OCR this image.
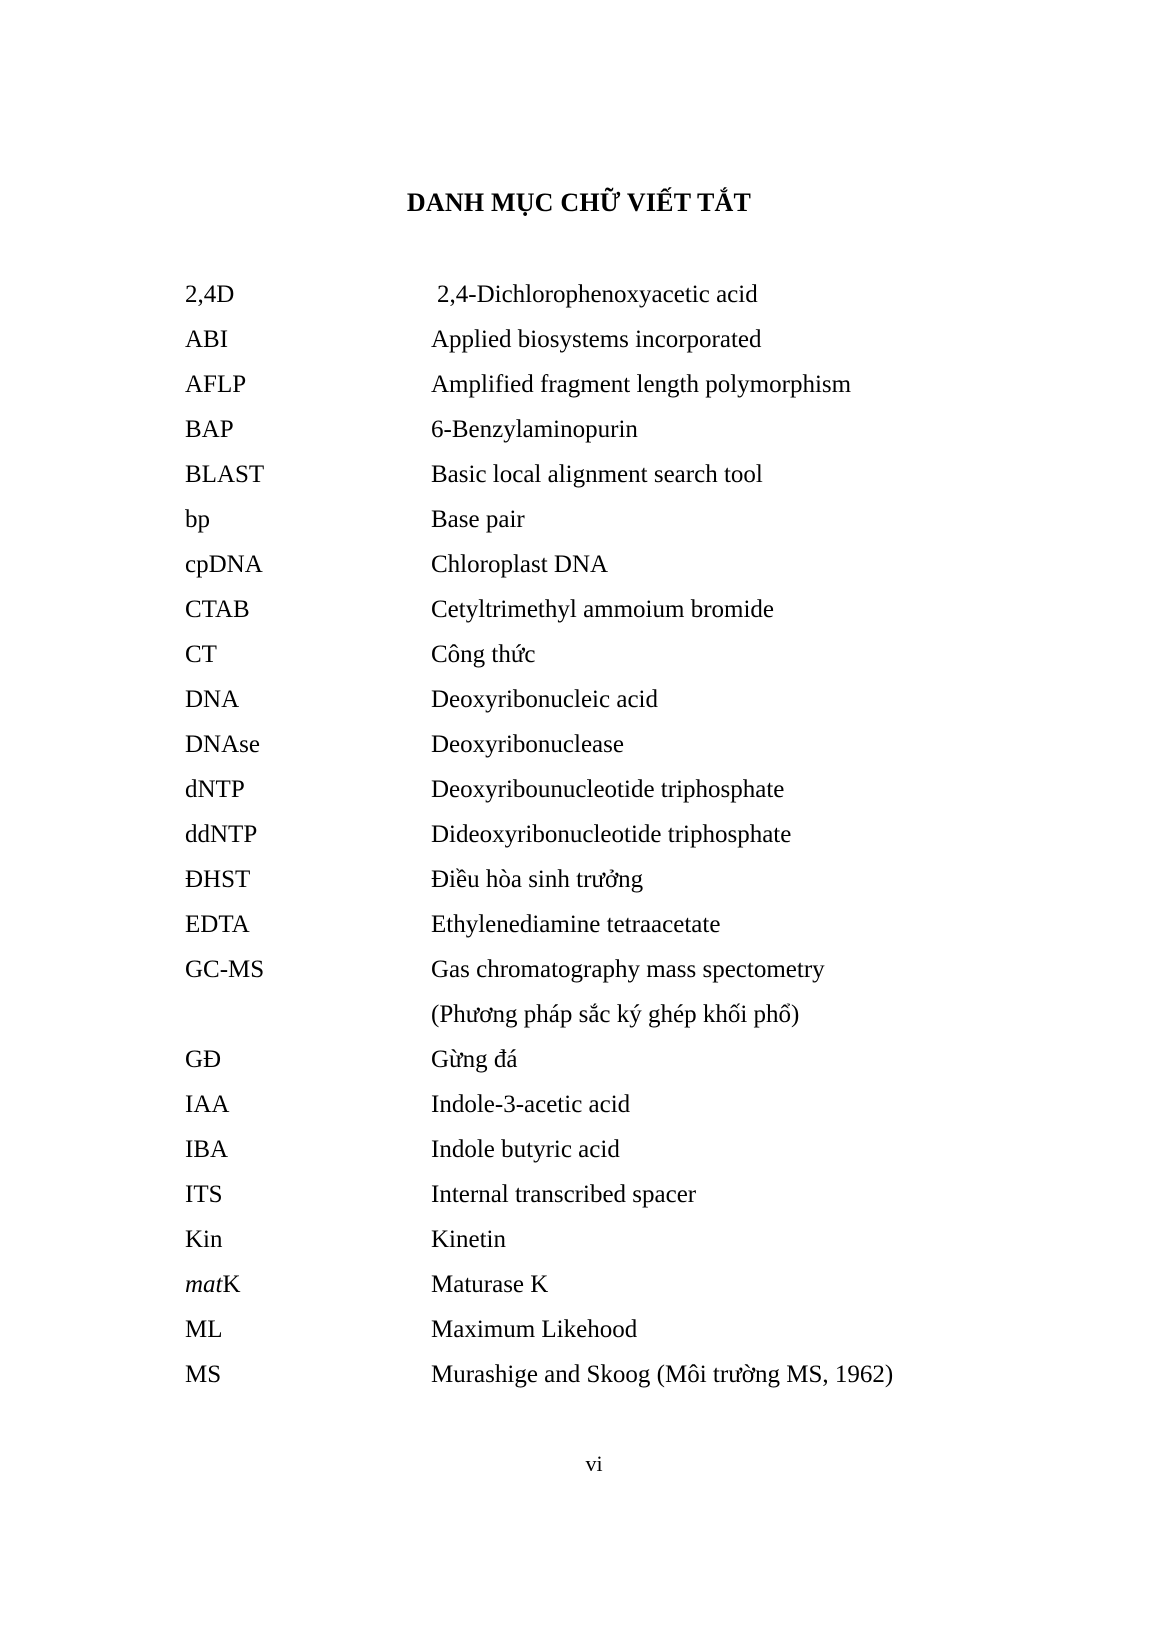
DANH MỤC CHỮ VIẾT TẮT
2,4D	2,4-Dichlorophenoxyacetic acid
ABI	Applied biosystems incorporated
AFLP	Amplified fragment length polymorphism
BAP	6-Benzylaminopurin
BLAST	Basic local alignment search tool
bp	Base pair
cpDNA	Chloroplast DNA
CTAB	Cetyltrimethyl ammoium bromide
CT	Công thức
DNA	Deoxyribonucleic acid
DNAse	Deoxyribonuclease
dNTP	Deoxyribounucleotide triphosphate
ddNTP	Dideoxyribonucleotide triphosphate
ĐHST	Điều hòa sinh trưởng
EDTA	Ethylenediamine tetraacetate
GC-MS	Gas chromatography mass spectometry
(Phương pháp sắc ký ghép khối phổ)
GĐ	Gừng đá
IAA	Indole-3-acetic acid
IBA	Indole butyric acid
ITS	Internal transcribed spacer
Kin	Kinetin
matK	Maturase K
ML	Maximum Likehood
MS	Murashige and Skoog (Môi trường MS, 1962)
vi
